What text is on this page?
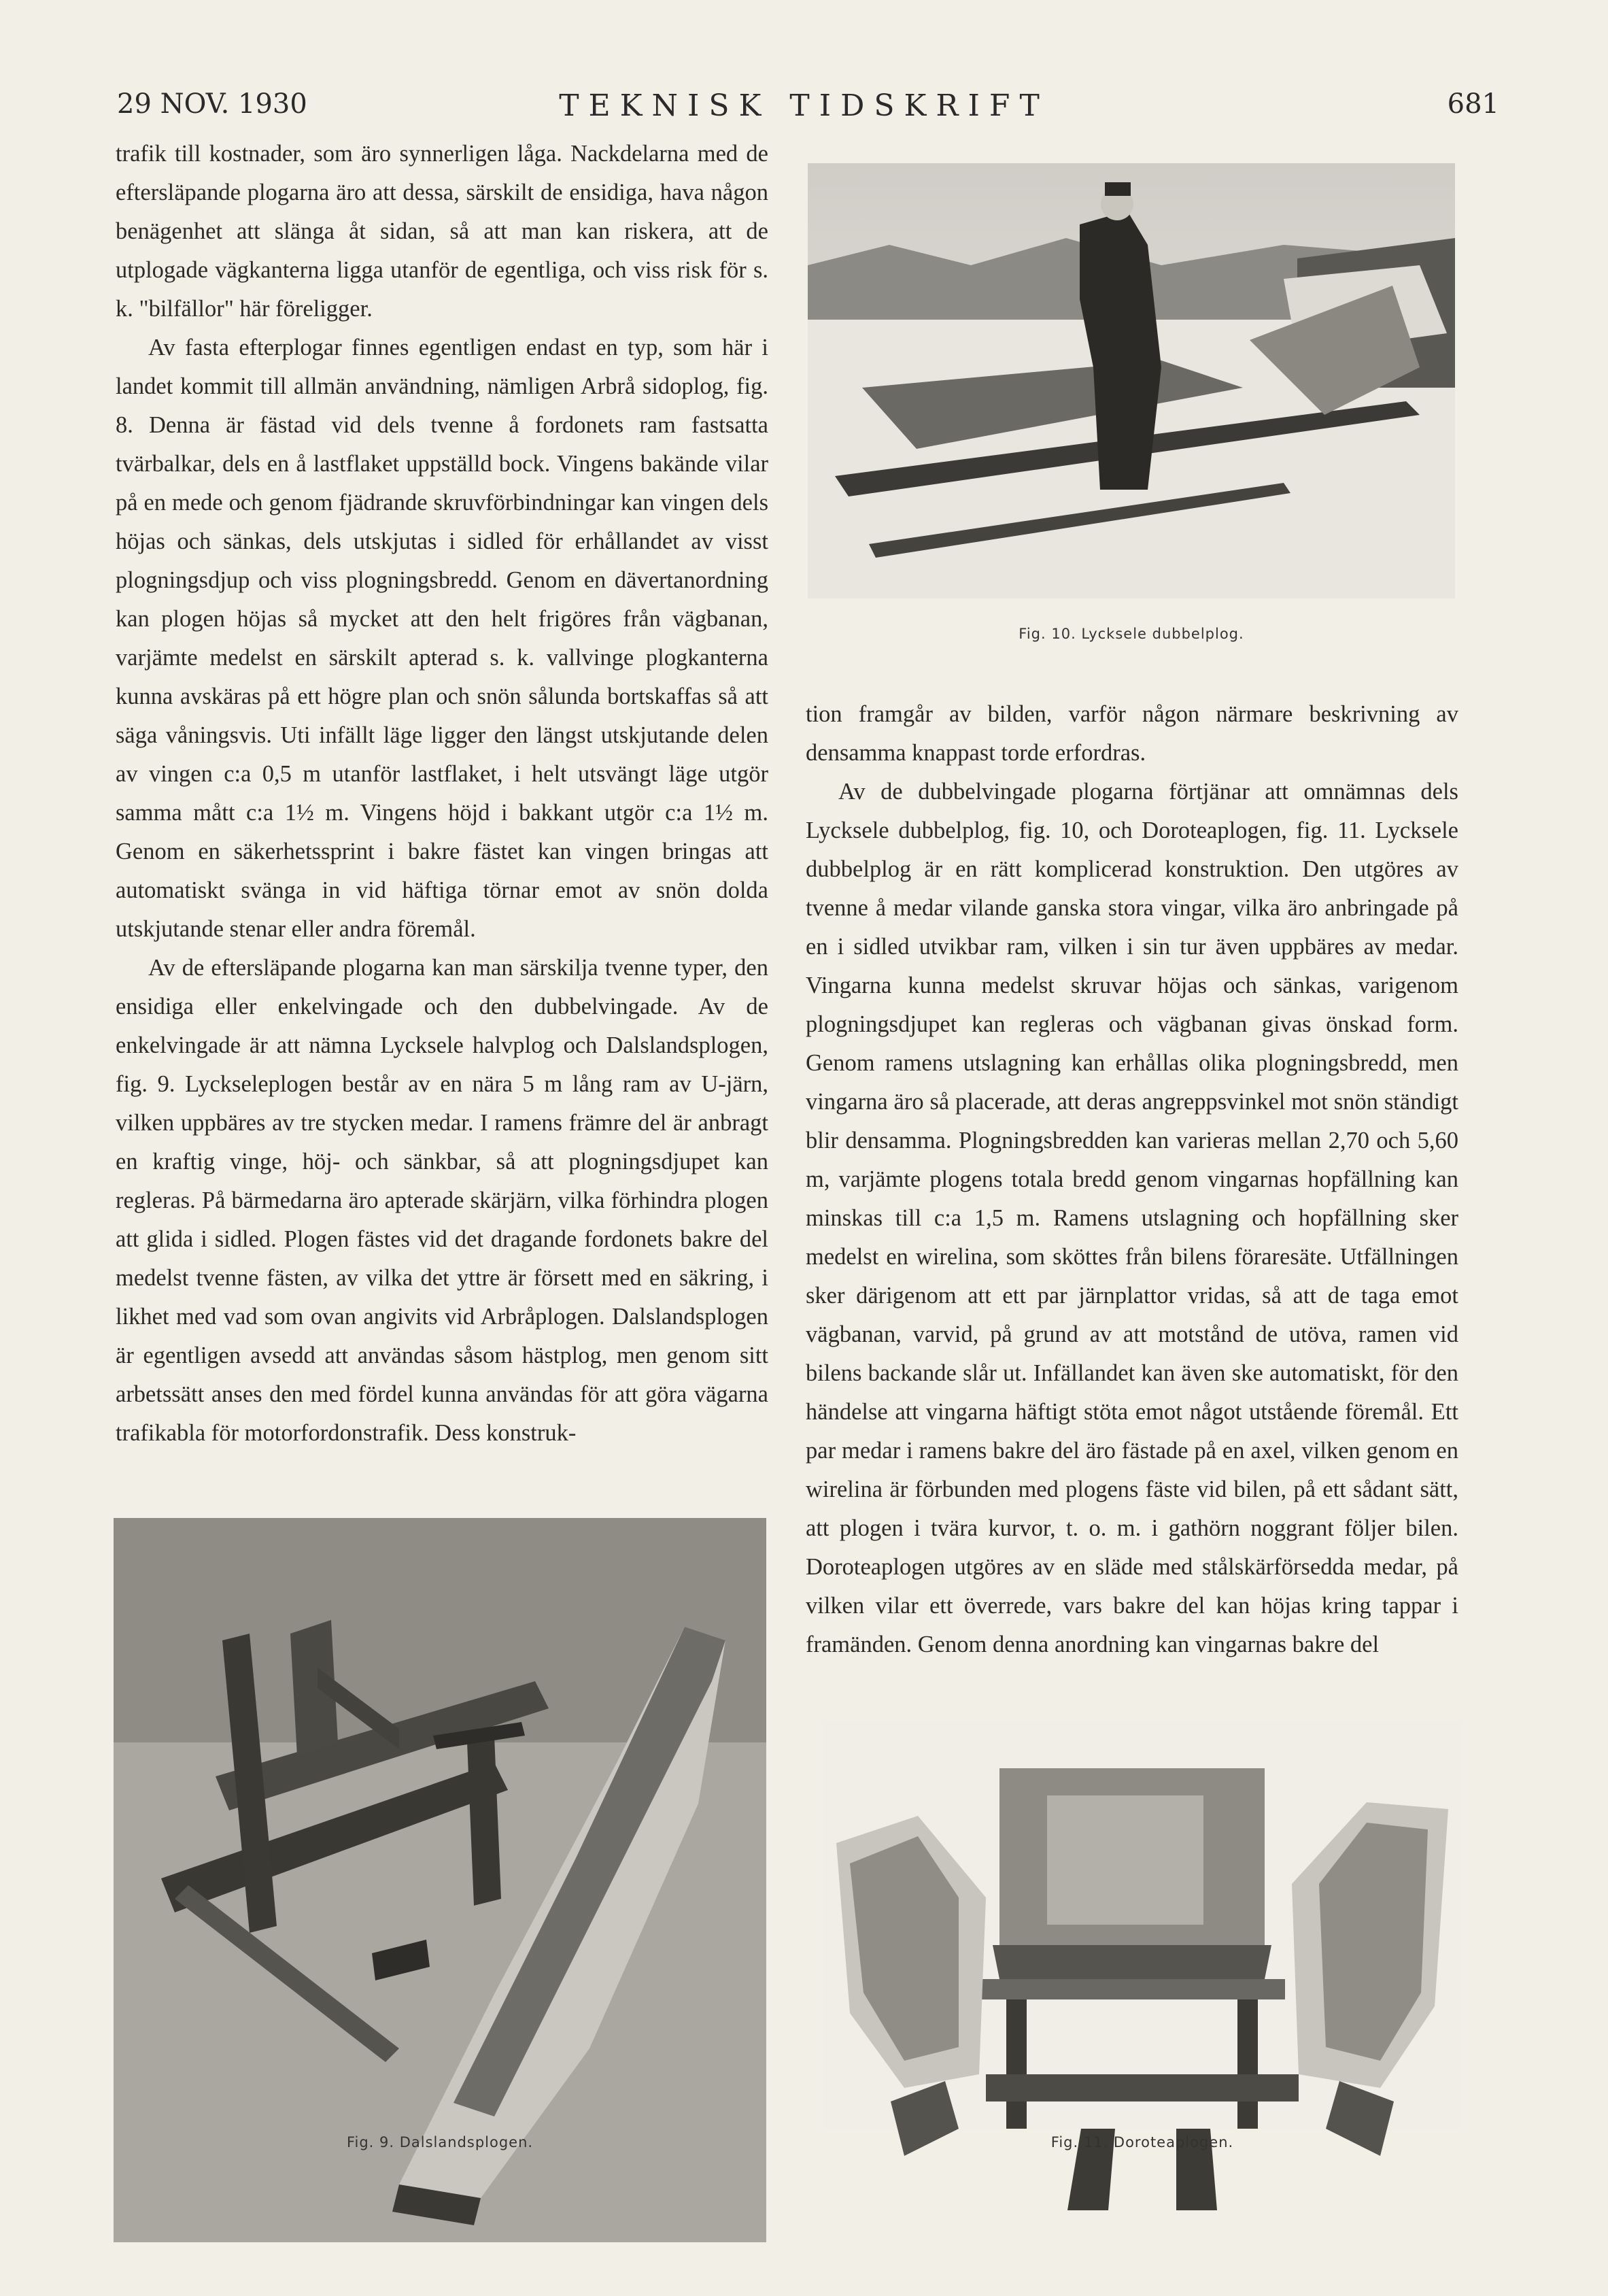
29 NOV. 1930	TEKNISK TIDSKRIFT	681

trafik till kostnader, som äro synnerligen låga. Nackdelarna med de eftersläpande plogarna äro att dessa, särskilt de ensidiga, hava någon benägenhet att slänga åt sidan, så att man kan riskera, att de utplogade vägkanterna ligga utanför de egentliga, och viss risk för s. k. "bilfällor" här föreligger.

Av fasta efterplogar finnes egentligen endast en typ, som här i landet kommit till allmän användning, nämligen Arbrå sidoplog, fig. 8. Denna är fästad vid dels tvenne å fordonets ram fastsatta tvärbalkar, dels en å lastflaket uppställd bock. Vingens bakände vilar på en mede och genom fjädrande skruvförbindningar kan vingen dels höjas och sänkas, dels utskjutas i sidled för erhållandet av visst plogningsdjup och viss plogningsbredd. Genom en dävertanordning kan plogen höjas så mycket att den helt frigöres från vägbanan, varjämte medelst en särskilt apterad s. k. vallvinge plogkanterna kunna avskäras på ett högre plan och snön sålunda bortskaffas så att säga våningsvis. Uti infällt läge ligger den längst utskjutande delen av vingen c:a 0,5 m utanför lastflaket, i helt utsvängt läge utgör samma mått c:a 1½ m. Vingens höjd i bakkant utgör c:a 1½ m. Genom en säkerhetssprint i bakre fästet kan vingen bringas att automatiskt svänga in vid häftiga törnar emot av snön dolda utskjutande stenar eller andra föremål.

Av de eftersläpande plogarna kan man särskilja tvenne typer, den ensidiga eller enkelvingade och den dubbelvingade. Av de enkelvingade är att nämna Lycksele halvplog och Dalslandsplogen, fig. 9. Lyckseleplogen består av en nära 5 m lång ram av U-järn, vilken uppbäres av tre stycken medar. I ramens främre del är anbragt en kraftig vinge, höj- och sänkbar, så att plogningsdjupet kan regleras. På bärmedarna äro apterade skärjärn, vilka förhindra plogen att glida i sidled. Plogen fästes vid det dragande fordonets bakre del medelst tvenne fästen, av vilka det yttre är försett med en säkring, i likhet med vad som ovan angivits vid Arbråplogen. Dalslandsplogen är egentligen avsedd att användas såsom hästplog, men genom sitt arbetssätt anses den med fördel kunna användas för att göra vägarna trafikabla för motorfordonstrafik. Dess konstruk-

Fig. 10. Lycksele dubbelplog.

tion framgår av bilden, varför någon närmare beskrivning av densamma knappast torde erfordras.

Av de dubbelvingade plogarna förtjänar att omnämnas dels Lycksele dubbelplog, fig. 10, och Doroteaplogen, fig. 11. Lycksele dubbelplog är en rätt komplicerad konstruktion. Den utgöres av tvenne å medar vilande ganska stora vingar, vilka äro anbringade på en i sidled utvikbar ram, vilken i sin tur även uppbäres av medar. Vingarna kunna medelst skruvar höjas och sänkas, varigenom plogningsdjupet kan regleras och vägbanan givas önskad form. Genom ramens utslagning kan erhållas olika plogningsbredd, men vingarna äro så placerade, att deras angreppsvinkel mot snön ständigt blir densamma. Plogningsbredden kan varieras mellan 2,70 och 5,60 m, varjämte plogens totala bredd genom vingarnas hopfällning kan minskas till c:a 1,5 m. Ramens utslagning och hopfällning sker medelst en wirelina, som sköttes från bilens föraresäte. Utfällningen sker därigenom att ett par järnplattor vridas, så att de taga emot vägbanan, varvid, på grund av att motstånd de utöva, ramen vid bilens backande slår ut. Infällandet kan även ske automatiskt, för den händelse att vingarna häftigt stöta emot något utstående föremål. Ett par medar i ramens bakre del äro fästade på en axel, vilken genom en wirelina är förbunden med plogens fäste vid bilen, på ett sådant sätt, att plogen i tvära kurvor, t. o. m. i gathörn noggrant följer bilen. Doroteaplogen utgöres av en släde med stålskärförsedda medar, på vilken vilar ett överrede, vars bakre del kan höjas kring tappar i framänden. Genom denna anordning kan vingarnas bakre del

Fig. 9. Dalslandsplogen.	Fig. 11. Doroteaplogen.
